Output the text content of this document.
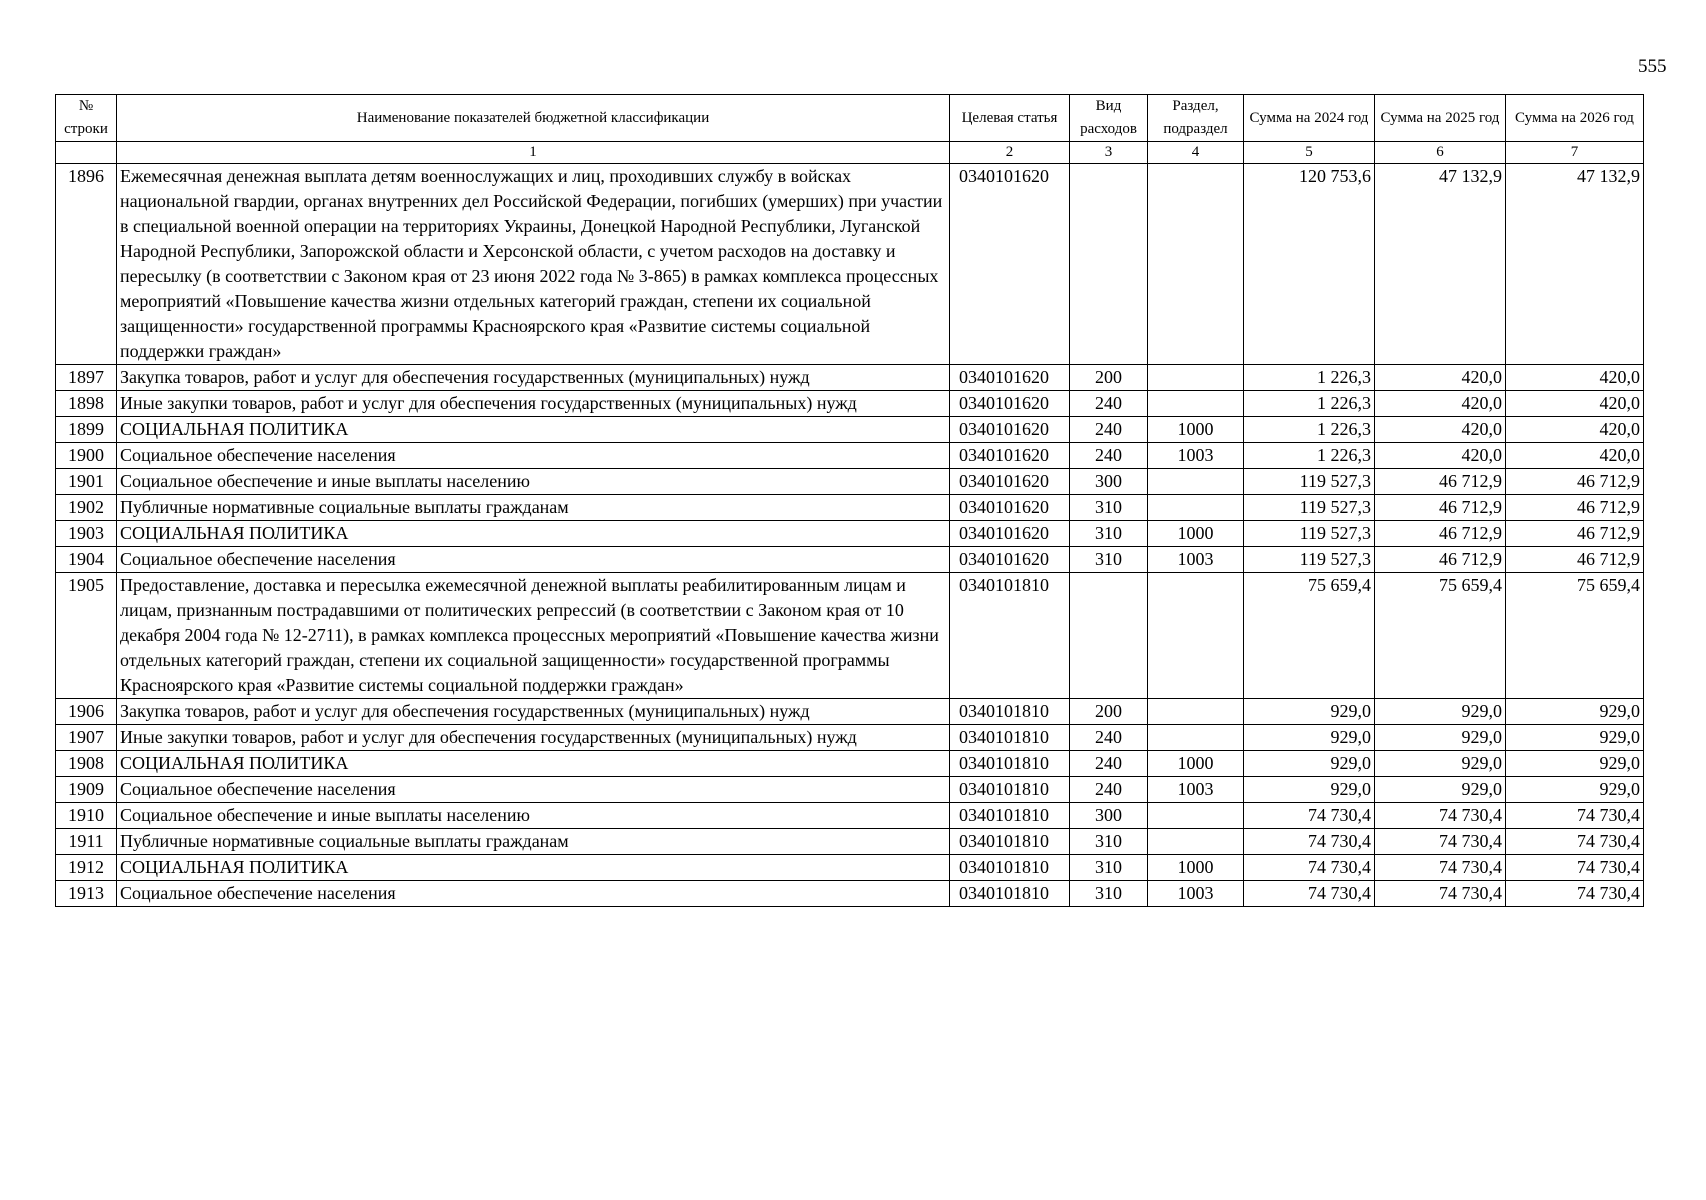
555
№ строки	Наименование показателей бюджетной классификации	Целевая статья	Вид расходов	Раздел, подраздел	Сумма на 2024 год	Сумма на 2025 год	Сумма на 2026 год
	1	2	3	4	5	6	7
1896	Ежемесячная денежная выплата детям военнослужащих и лиц, проходивших службу в войсках национальной гвардии, органах внутренних дел Российской Федерации, погибших (умерших) при участии в специальной военной операции на территориях Украины, Донецкой Народной Республики, Луганской Народной Республики, Запорожской области и Херсонской области, с учетом расходов на доставку и пересылку (в соответствии с Законом края от 23 июня 2022 года № 3-865) в рамках комплекса процессных мероприятий «Повышение качества жизни отдельных категорий граждан, степени их социальной защищенности» государственной программы Красноярского края «Развитие системы социальной поддержки граждан»	0340101620			120 753,6	47 132,9	47 132,9
1897	Закупка товаров, работ и услуг для обеспечения государственных (муниципальных) нужд	0340101620	200		1 226,3	420,0	420,0
1898	Иные закупки товаров, работ и услуг для обеспечения государственных (муниципальных) нужд	0340101620	240		1 226,3	420,0	420,0
1899	СОЦИАЛЬНАЯ ПОЛИТИКА	0340101620	240	1000	1 226,3	420,0	420,0
1900	Социальное обеспечение населения	0340101620	240	1003	1 226,3	420,0	420,0
1901	Социальное обеспечение и иные выплаты населению	0340101620	300		119 527,3	46 712,9	46 712,9
1902	Публичные нормативные социальные выплаты гражданам	0340101620	310		119 527,3	46 712,9	46 712,9
1903	СОЦИАЛЬНАЯ ПОЛИТИКА	0340101620	310	1000	119 527,3	46 712,9	46 712,9
1904	Социальное обеспечение населения	0340101620	310	1003	119 527,3	46 712,9	46 712,9
1905	Предоставление, доставка и пересылка ежемесячной денежной выплаты реабилитированным лицам и лицам, признанным пострадавшими от политических репрессий (в соответствии с Законом края от 10 декабря 2004 года № 12-2711), в рамках комплекса процессных мероприятий «Повышение качества жизни отдельных категорий граждан, степени их социальной защищенности» государственной программы Красноярского края «Развитие системы социальной поддержки граждан»	0340101810			75 659,4	75 659,4	75 659,4
1906	Закупка товаров, работ и услуг для обеспечения государственных (муниципальных) нужд	0340101810	200		929,0	929,0	929,0
1907	Иные закупки товаров, работ и услуг для обеспечения государственных (муниципальных) нужд	0340101810	240		929,0	929,0	929,0
1908	СОЦИАЛЬНАЯ ПОЛИТИКА	0340101810	240	1000	929,0	929,0	929,0
1909	Социальное обеспечение населения	0340101810	240	1003	929,0	929,0	929,0
1910	Социальное обеспечение и иные выплаты населению	0340101810	300		74 730,4	74 730,4	74 730,4
1911	Публичные нормативные социальные выплаты гражданам	0340101810	310		74 730,4	74 730,4	74 730,4
1912	СОЦИАЛЬНАЯ ПОЛИТИКА	0340101810	310	1000	74 730,4	74 730,4	74 730,4
1913	Социальное обеспечение населения	0340101810	310	1003	74 730,4	74 730,4	74 730,4
